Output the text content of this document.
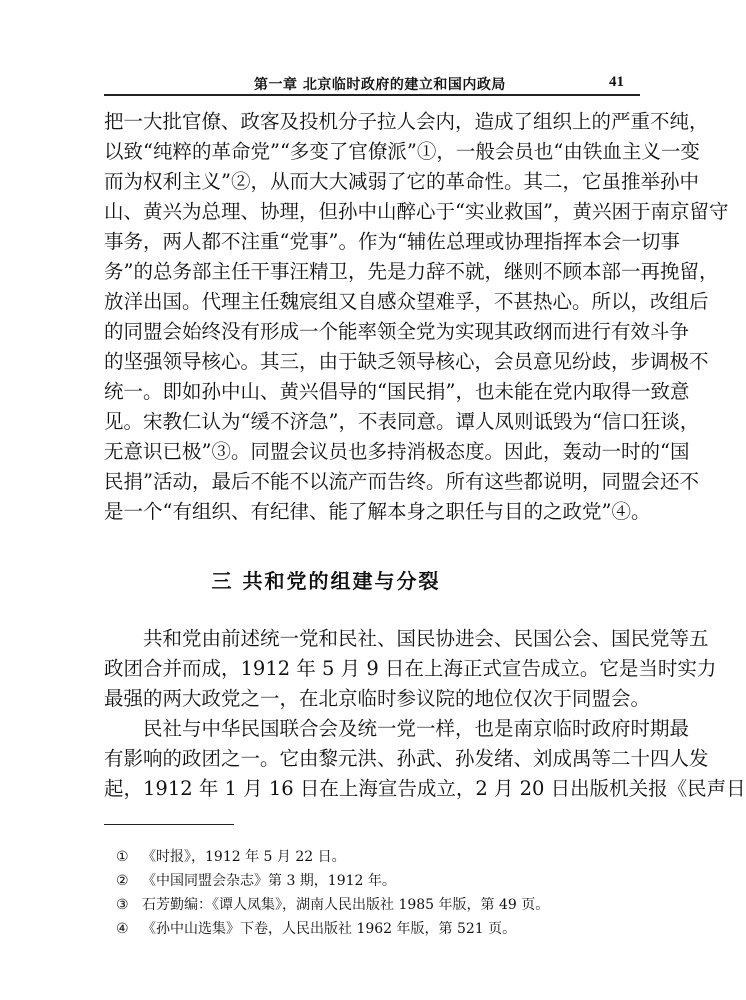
第一章 北京临时政府的建立和国内政局	41
把一大批官僚、政客及投机分子拉人会内，造成了组织上的严重不纯，
以致“纯粹的革命党”“多变了官僚派”①，一般会员也“由铁血主义一变
而为权利主义”②，从而大大减弱了它的革命性。其二，它虽推举孙中
山、黄兴为总理、协理，但孙中山醉心于“实业救国”，黄兴困于南京留守
事务，两人都不注重“党事”。作为“辅佐总理或协理指挥本会一切事
务”的总务部主任干事汪精卫，先是力辞不就，继则不顾本部一再挽留，
放洋出国。代理主任魏宸组又自感众望难孚，不甚热心。所以，改组后
的同盟会始终没有形成一个能率领全党为实现其政纲而进行有效斗争
的坚强领导核心。其三，由于缺乏领导核心，会员意见纷歧，步调极不
统一。即如孙中山、黄兴倡导的“国民捐”，也未能在党内取得一致意
见。宋教仁认为“缓不济急”，不表同意。谭人凤则诋毁为“信口狂谈，
无意识已极”③。同盟会议员也多持消极态度。因此，轰动一时的“国
民捐”活动，最后不能不以流产而告终。所有这些都说明，同盟会还不
是一个“有组织、有纪律、能了解本身之职任与目的之政党”④。
三 共和党的组建与分裂
共和党由前述统一党和民社、国民协进会、民国公会、国民党等五
政团合并而成，1912 年 5 月 9 日在上海正式宣告成立。它是当时实力
最强的两大政党之一，在北京临时参议院的地位仅次于同盟会。
民社与中华民国联合会及统一党一样，也是南京临时政府时期最
有影响的政团之一。它由黎元洪、孙武、孙发绪、刘成禺等二十四人发
起，1912 年 1 月 16 日在上海宣告成立，2 月 20 日出版机关报《民声日
① 《时报》，1912 年 5 月 22 日。
② 《中国同盟会杂志》第 3 期，1912 年。
③ 石芳勤编：《谭人凤集》，湖南人民出版社 1985 年版，第 49 页。
④ 《孙中山选集》下卷，人民出版社 1962 年版，第 521 页。
